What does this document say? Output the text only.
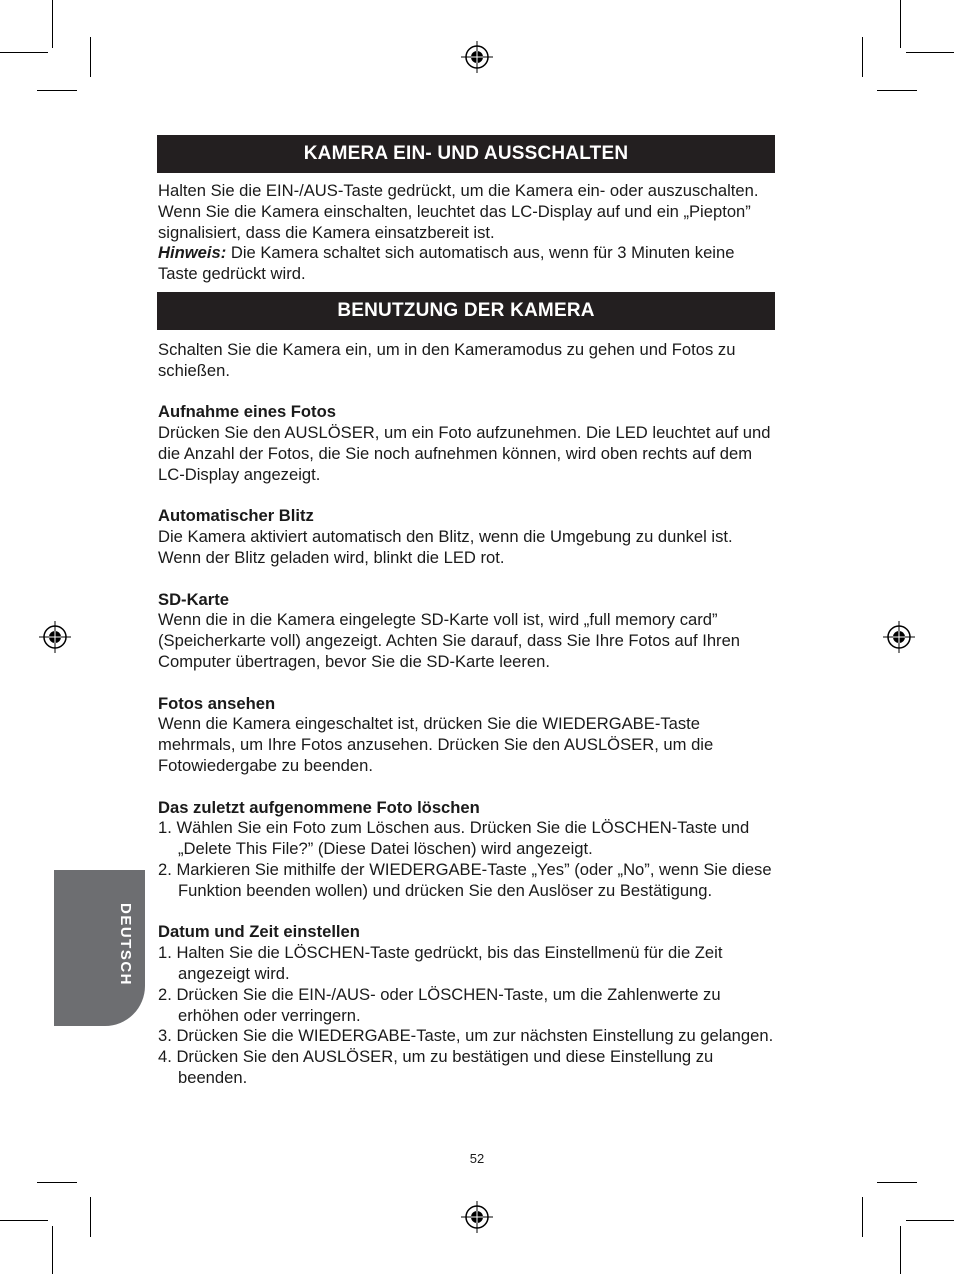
KAMERA EIN- UND AUSSCHALTEN

Halten Sie die EIN-/AUS-Taste gedrückt, um die Kamera ein- oder auszuschalten. Wenn Sie die Kamera einschalten, leuchtet das LC-Display auf und ein „Piepton” signalisiert, dass die Kamera einsatzbereit ist.

Hinweis: Die Kamera schaltet sich automatisch aus, wenn für 3 Minuten keine Taste gedrückt wird.

BENUTZUNG DER KAMERA

Schalten Sie die Kamera ein, um in den Kameramodus zu gehen und Fotos zu schießen.

Aufnahme eines Fotos

Drücken Sie den AUSLÖSER, um ein Foto aufzunehmen. Die LED leuchtet auf und die Anzahl der Fotos, die Sie noch aufnehmen können, wird oben rechts auf dem LC-Display angezeigt.

Automatischer Blitz

Die Kamera aktiviert automatisch den Blitz, wenn die Umgebung zu dunkel ist. Wenn der Blitz geladen wird, blinkt die LED rot.

SD-Karte

Wenn die in die Kamera eingelegte SD-Karte voll ist, wird „full memory card” (Speicherkarte voll) angezeigt. Achten Sie darauf, dass Sie Ihre Fotos auf Ihren Computer übertragen, bevor Sie die SD-Karte leeren.

Fotos ansehen

Wenn die Kamera eingeschaltet ist, drücken Sie die WIEDERGABE-Taste mehrmals, um Ihre Fotos anzusehen. Drücken Sie den AUSLÖSER, um die Fotowiedergabe zu beenden.

Das zuletzt aufgenommene Foto löschen

1. Wählen Sie ein Foto zum Löschen aus. Drücken Sie die LÖSCHEN-Taste und „Delete This File?” (Diese Datei löschen) wird angezeigt.
2. Markieren Sie mithilfe der WIEDERGABE-Taste „Yes” (oder „No”, wenn Sie diese Funktion beenden wollen) und drücken Sie den Auslöser zu Bestätigung.

Datum und Zeit einstellen

1. Halten Sie die LÖSCHEN-Taste gedrückt, bis das Einstellmenü für die Zeit angezeigt wird.
2. Drücken Sie die EIN-/AUS- oder LÖSCHEN-Taste, um die Zahlenwerte zu erhöhen oder verringern.
3. Drücken Sie die WIEDERGABE-Taste, um zur nächsten Einstellung zu gelangen.
4. Drücken Sie den AUSLÖSER, um zu bestätigen und diese Einstellung zu beenden.
DEUTSCH
52
